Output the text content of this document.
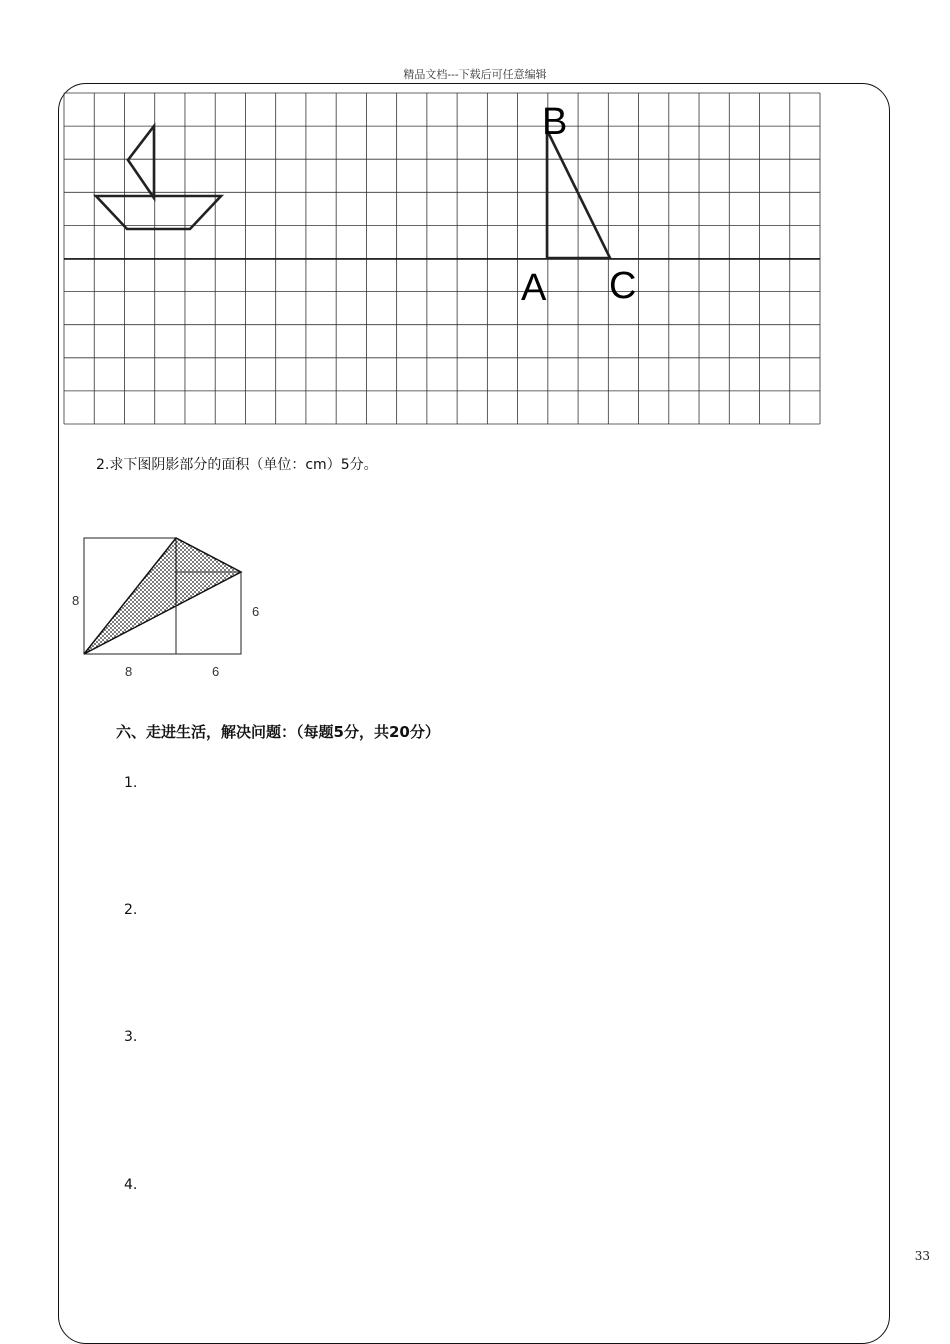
精品文档---下载后可任意编辑
B
A C
2.求下图阴影部分的面积（单位：cm）5分。
8
6
8	6
六、走进生活，解决问题：（每题5分，共20分）
1.
2.
3.
4.
33
